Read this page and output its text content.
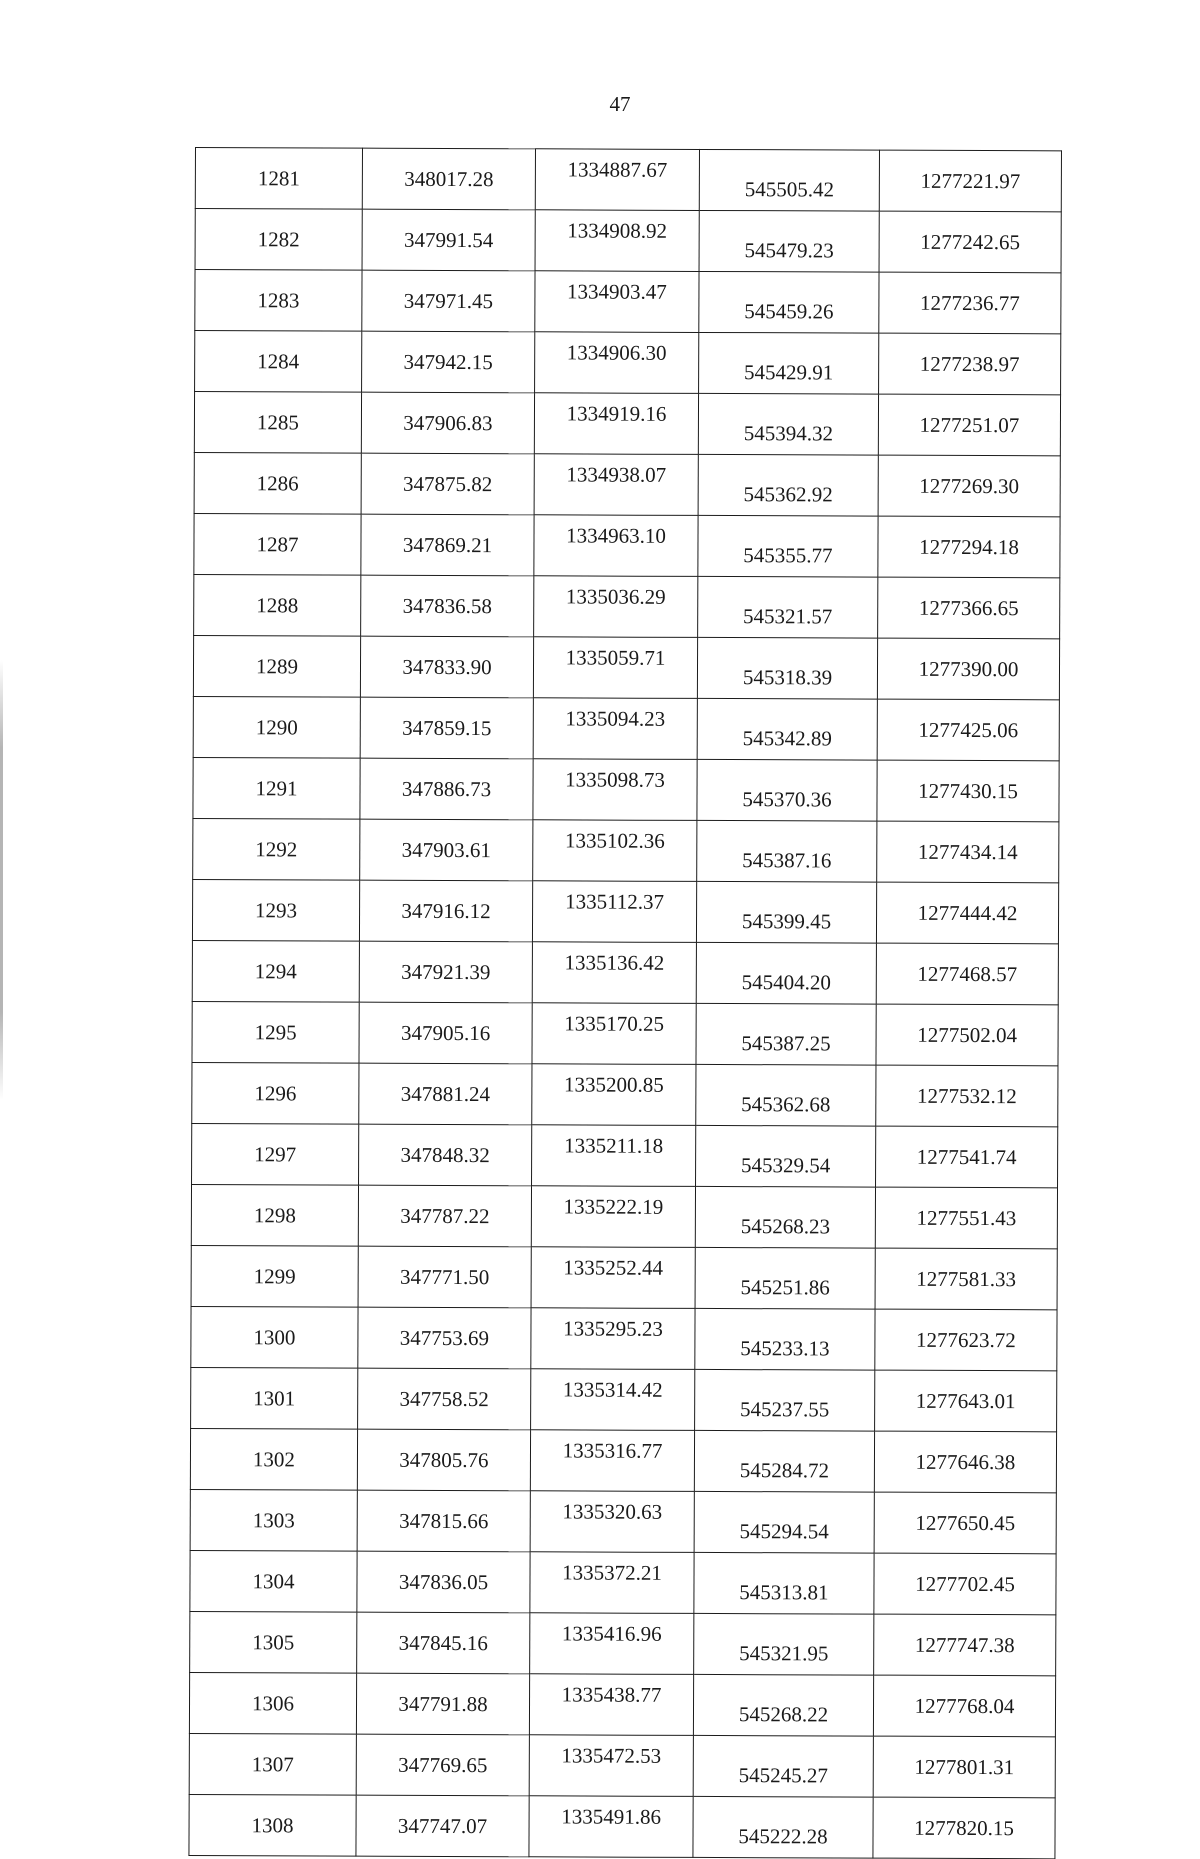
47
1281	348017.28	1334887.67	545505.42	1277221.97
1282	347991.54	1334908.92	545479.23	1277242.65
1283	347971.45	1334903.47	545459.26	1277236.77
1284	347942.15	1334906.30	545429.91	1277238.97
1285	347906.83	1334919.16	545394.32	1277251.07
1286	347875.82	1334938.07	545362.92	1277269.30
1287	347869.21	1334963.10	545355.77	1277294.18
1288	347836.58	1335036.29	545321.57	1277366.65
1289	347833.90	1335059.71	545318.39	1277390.00
1290	347859.15	1335094.23	545342.89	1277425.06
1291	347886.73	1335098.73	545370.36	1277430.15
1292	347903.61	1335102.36	545387.16	1277434.14
1293	347916.12	1335112.37	545399.45	1277444.42
1294	347921.39	1335136.42	545404.20	1277468.57
1295	347905.16	1335170.25	545387.25	1277502.04
1296	347881.24	1335200.85	545362.68	1277532.12
1297	347848.32	1335211.18	545329.54	1277541.74
1298	347787.22	1335222.19	545268.23	1277551.43
1299	347771.50	1335252.44	545251.86	1277581.33
1300	347753.69	1335295.23	545233.13	1277623.72
1301	347758.52	1335314.42	545237.55	1277643.01
1302	347805.76	1335316.77	545284.72	1277646.38
1303	347815.66	1335320.63	545294.54	1277650.45
1304	347836.05	1335372.21	545313.81	1277702.45
1305	347845.16	1335416.96	545321.95	1277747.38
1306	347791.88	1335438.77	545268.22	1277768.04
1307	347769.65	1335472.53	545245.27	1277801.31
1308	347747.07	1335491.86	545222.28	1277820.15
